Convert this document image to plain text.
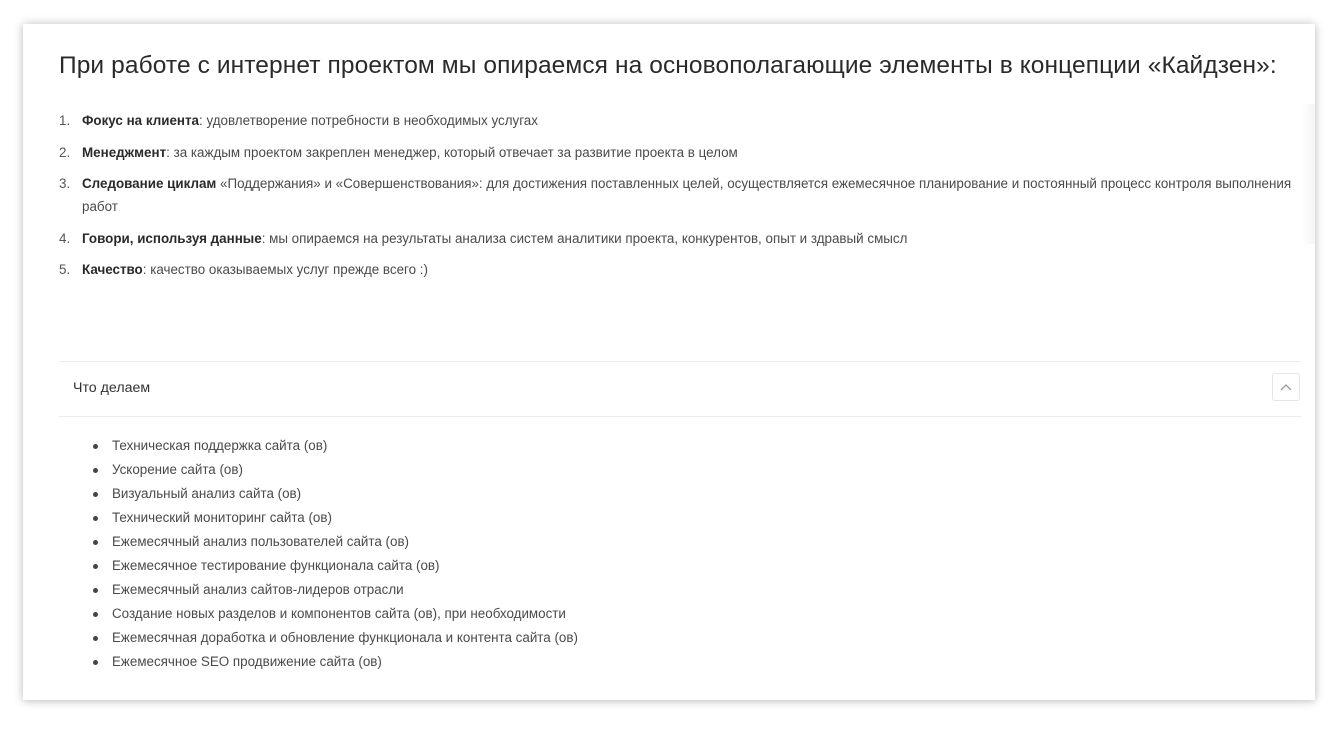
При работе с интернет проектом мы опираемся на основополагающие элементы в концепции «Кайдзен»:
1. Фокус на клиента: удовлетворение потребности в необходимых услугах
2. Менеджмент: за каждым проектом закреплен менеджер, который отвечает за развитие проекта в целом
3. Следование циклам «Поддержания» и «Совершенствования»: для достижения поставленных целей, осуществляется ежемесячное планирование и постоянный процесс контроля выполнения работ
4. Говори, используя данные: мы опираемся на результаты анализа систем аналитики проекта, конкурентов, опыт и здравый смысл
5. Качество: качество оказываемых услуг прежде всего :)
Что делаем
Техническая поддержка сайта (ов)
Ускорение сайта (ов)
Визуальный анализ сайта (ов)
Технический мониторинг сайта (ов)
Ежемесячный анализ пользователей сайта (ов)
Ежемесячное тестирование функционала сайта (ов)
Ежемесячный анализ сайтов-лидеров отрасли
Создание новых разделов и компонентов сайта (ов), при необходимости
Ежемесячная доработка и обновление функционала и контента сайта (ов)
Ежемесячное SEO продвижение сайта (ов)
